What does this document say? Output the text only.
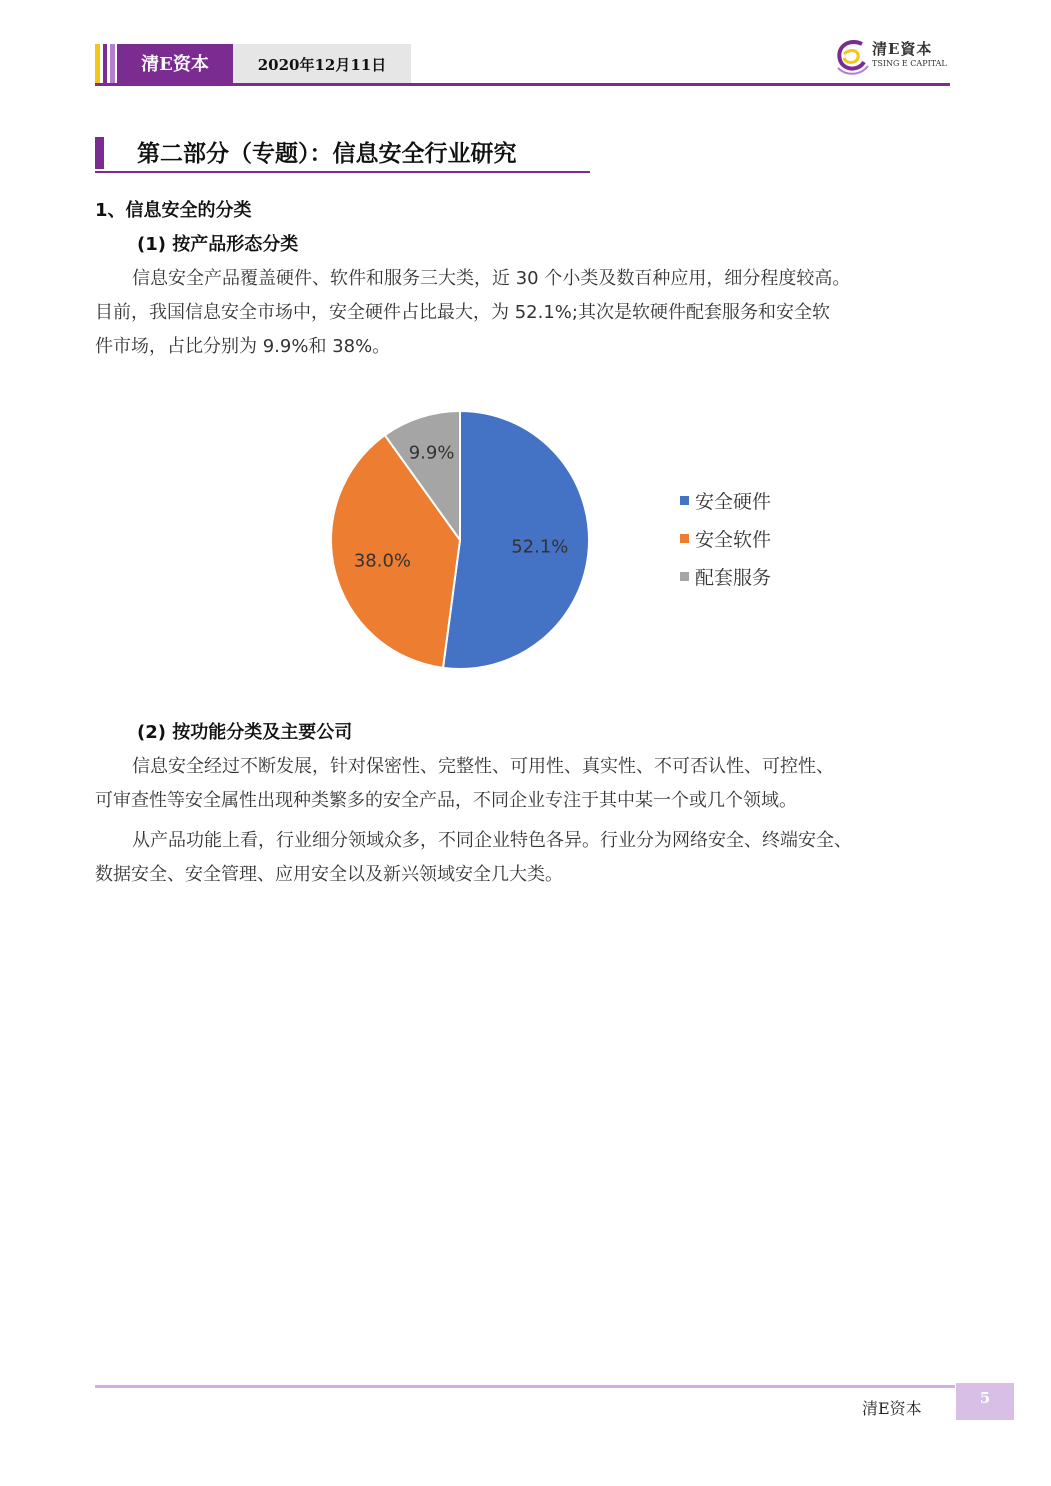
清E资本	2020年12月11日
清E資本
TSING E CAPITAL
第二部分（专题）：信息安全行业研究
1、信息安全的分类
(1) 按产品形态分类
信息安全产品覆盖硬件、软件和服务三大类，近 30 个小类及数百种应用，细分程度较高。
目前，我国信息安全市场中，安全硬件占比最大，为 52.1%;其次是软硬件配套服务和安全软
件市场，占比分别为 9.9%和 38%。
52.1%
38.0%
9.9%
安全硬件
安全软件
配套服务
(2) 按功能分类及主要公司
信息安全经过不断发展，针对保密性、完整性、可用性、真实性、不可否认性、可控性、
可审查性等安全属性出现种类繁多的安全产品，不同企业专注于其中某一个或几个领域。
从产品功能上看，行业细分领域众多，不同企业特色各异。行业分为网络安全、终端安全、
数据安全、安全管理、应用安全以及新兴领域安全几大类。
清E资本
5
